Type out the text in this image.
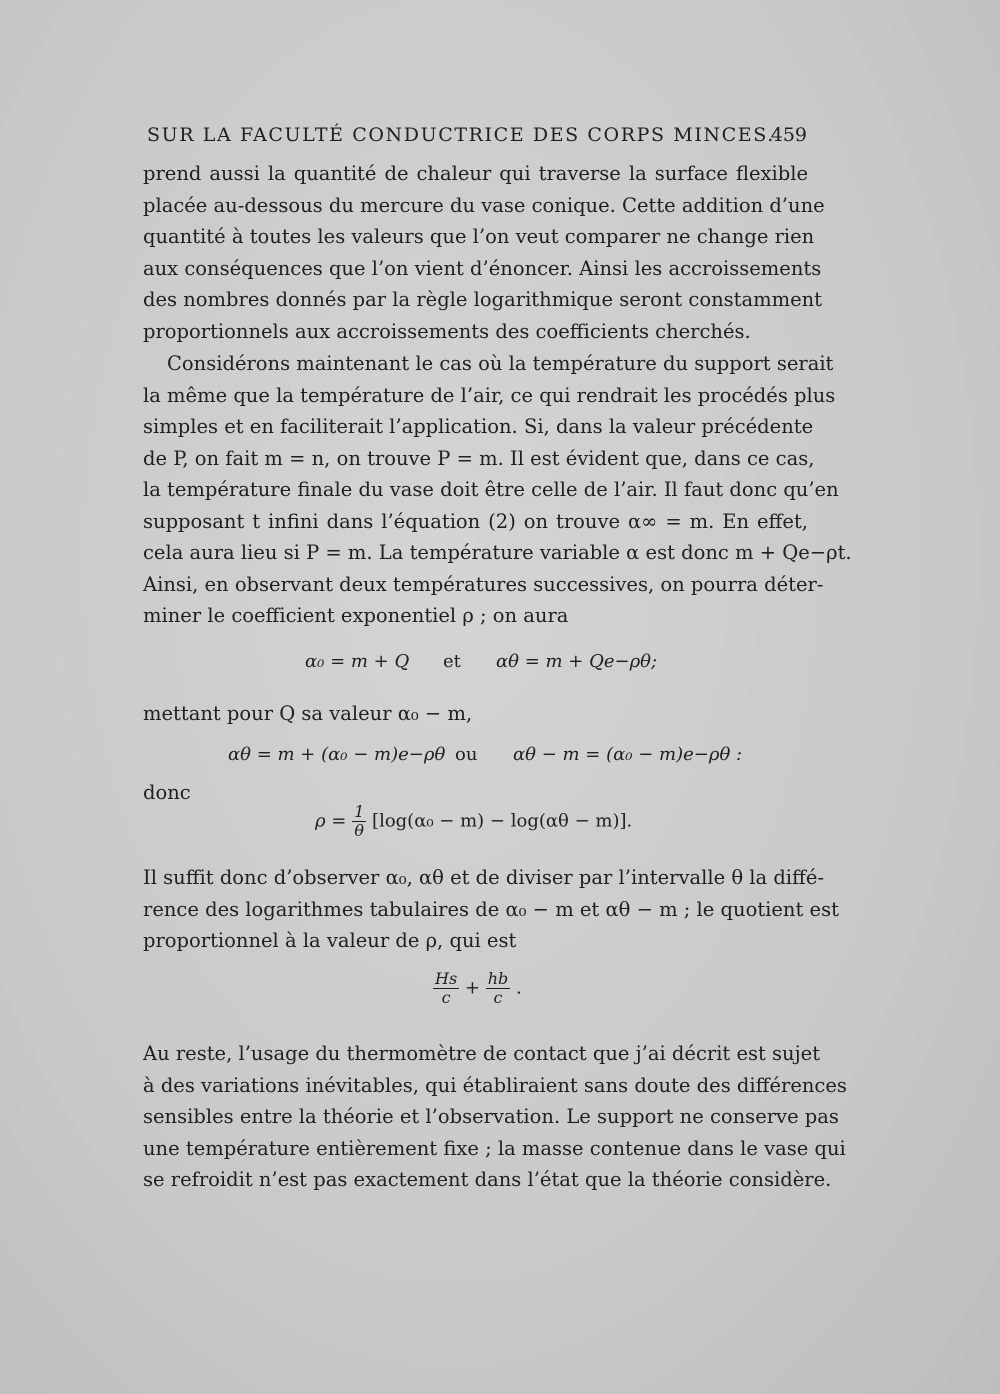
SUR LA FACULTÉ CONDUCTRICE DES CORPS MINCES.
459
prend aussi la quantité de chaleur qui traverse la surface flexible
placée au-dessous du mercure du vase conique. Cette addition d’une
quantité à toutes les valeurs que l’on veut comparer ne change rien
aux conséquences que l’on vient d’énoncer. Ainsi les accroissements
des nombres donnés par la règle logarithmique seront constamment
proportionnels aux accroissements des coefficients cherchés.
Considérons maintenant le cas où la température du support serait
la même que la température de l’air, ce qui rendrait les procédés plus
simples et en faciliterait l’application. Si, dans la valeur précédente
de P, on fait m = n, on trouve P = m. Il est évident que, dans ce cas,
la température finale du vase doit être celle de l’air. Il faut donc qu’en
supposant t infini dans l’équation (2) on trouve α∞ = m. En effet,
cela aura lieu si P = m. La température variable α est donc m + Qe−ρt.
Ainsi, en observant deux températures successives, on pourra déter-
miner le coefficient exponentiel ρ ; on aura
α₀ = m + Q et αθ = m + Qe−ρθ;
mettant pour Q sa valeur α₀ − m,
αθ = m + (α₀ − m)e−ρθ ou αθ − m = (α₀ − m)e−ρθ :
donc
$\rho = \frac{1}{\theta} [\log(\alpha_0 - m) - \log(\alpha\theta - m)]$.
Il suffit donc d’observer α₀, αθ et de diviser par l’intervalle θ la diffé-
rence des logarithmes tabulaires de α₀ − m et αθ − m ; le quotient est
proportionnel à la valeur de ρ, qui est
$\frac{Hs}{c} + \frac{hb}{c}$ .
Au reste, l’usage du thermomètre de contact que j’ai décrit est sujet
à des variations inévitables, qui établiraient sans doute des différences
sensibles entre la théorie et l’observation. Le support ne conserve pas
une température entièrement fixe ; la masse contenue dans le vase qui
se refroidit n’est pas exactement dans l’état que la théorie considère.
